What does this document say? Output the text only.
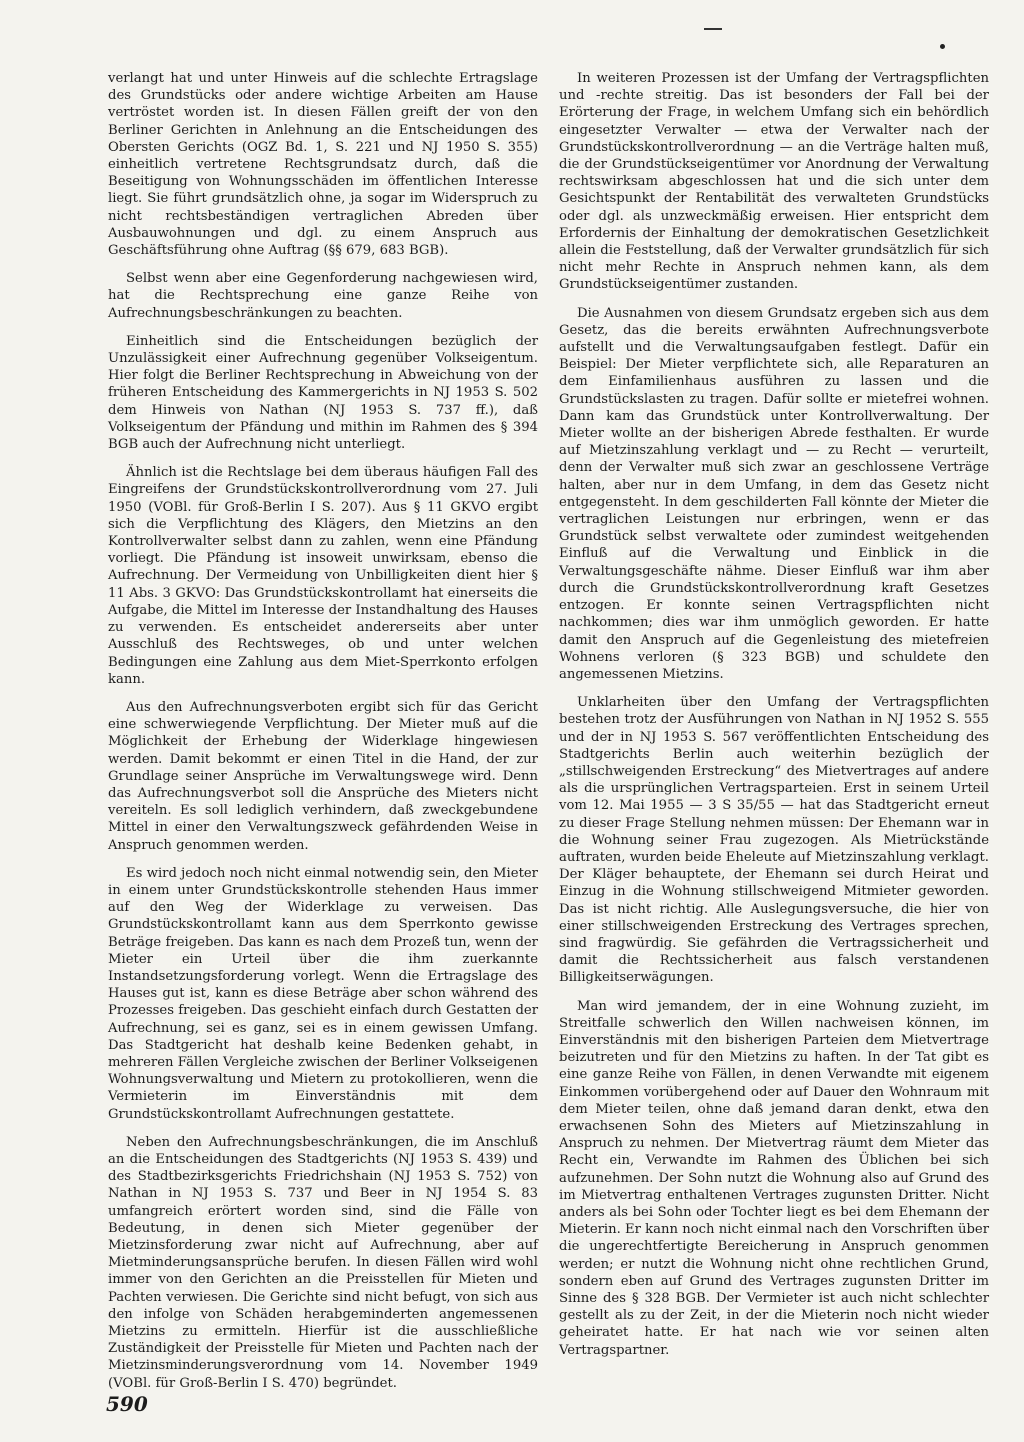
verlangt hat und unter Hinweis auf die schlechte Ertragslage des Grundstücks oder andere wichtige Arbeiten am Hause vertröstet worden ist. In diesen Fällen greift der von den Berliner Gerichten in Anlehnung an die Entscheidungen des Obersten Gerichts (OGZ Bd. 1, S. 221 und NJ 1950 S. 355) einheitlich vertretene Rechtsgrundsatz durch, daß die Beseitigung von Wohnungsschäden im öffentlichen Interesse liegt. Sie führt grundsätzlich ohne, ja sogar im Widerspruch zu nicht rechtsbeständigen vertraglichen Abreden über Ausbauwohnungen und dgl. zu einem Anspruch aus Geschäftsführung ohne Auftrag (§§ 679, 683 BGB).

Selbst wenn aber eine Gegenforderung nachgewiesen wird, hat die Rechtsprechung eine ganze Reihe von Aufrechnungsbeschränkungen zu beachten.

Einheitlich sind die Entscheidungen bezüglich der Unzulässigkeit einer Aufrechnung gegenüber Volkseigentum. Hier folgt die Berliner Rechtsprechung in Abweichung von der früheren Entscheidung des Kammergerichts in NJ 1953 S. 502 dem Hinweis von Nathan (NJ 1953 S. 737 ff.), daß Volkseigentum der Pfändung und mithin im Rahmen des § 394 BGB auch der Aufrechnung nicht unterliegt.

Ähnlich ist die Rechtslage bei dem überaus häufigen Fall des Eingreifens der Grundstückskontrollverordnung vom 27. Juli 1950 (VOBl. für Groß-Berlin I S. 207). Aus § 11 GKVO ergibt sich die Verpflichtung des Klägers, den Mietzins an den Kontrollverwalter selbst dann zu zahlen, wenn eine Pfändung vorliegt. Die Pfändung ist insoweit unwirksam, ebenso die Aufrechnung. Der Vermeidung von Unbilligkeiten dient hier § 11 Abs. 3 GKVO: Das Grundstückskontrollamt hat einerseits die Aufgabe, die Mittel im Interesse der Instandhaltung des Hauses zu verwenden. Es entscheidet andererseits aber unter Ausschluß des Rechtsweges, ob und unter welchen Bedingungen eine Zahlung aus dem Miet-Sperrkonto erfolgen kann.

Aus den Aufrechnungsverboten ergibt sich für das Gericht eine schwerwiegende Verpflichtung. Der Mieter muß auf die Möglichkeit der Erhebung der Widerklage hingewiesen werden. Damit bekommt er einen Titel in die Hand, der zur Grundlage seiner Ansprüche im Verwaltungswege wird. Denn das Aufrechnungsverbot soll die Ansprüche des Mieters nicht vereiteln. Es soll lediglich verhindern, daß zweckgebundene Mittel in einer den Verwaltungszweck gefährdenden Weise in Anspruch genommen werden.

Es wird jedoch noch nicht einmal notwendig sein, den Mieter in einem unter Grundstückskontrolle stehenden Haus immer auf den Weg der Widerklage zu verweisen. Das Grundstückskontrollamt kann aus dem Sperrkonto gewisse Beträge freigeben. Das kann es nach dem Prozeß tun, wenn der Mieter ein Urteil über die ihm zuerkannte Instandsetzungsforderung vorlegt. Wenn die Ertragslage des Hauses gut ist, kann es diese Beträge aber schon während des Prozesses freigeben. Das geschieht einfach durch Gestatten der Aufrechnung, sei es ganz, sei es in einem gewissen Umfang. Das Stadtgericht hat deshalb keine Bedenken gehabt, in mehreren Fällen Vergleiche zwischen der Berliner Volkseigenen Wohnungsverwaltung und Mietern zu protokollieren, wenn die Vermieterin im Einverständnis mit dem Grundstückskontrollamt Aufrechnungen gestattete.

Neben den Aufrechnungsbeschränkungen, die im Anschluß an die Entscheidungen des Stadtgerichts (NJ 1953 S. 439) und des Stadtbezirksgerichts Friedrichshain (NJ 1953 S. 752) von Nathan in NJ 1953 S. 737 und Beer in NJ 1954 S. 83 umfangreich erörtert worden sind, sind die Fälle von Bedeutung, in denen sich Mieter gegenüber der Mietzinsforderung zwar nicht auf Aufrechnung, aber auf Mietminderungsansprüche berufen. In diesen Fällen wird wohl immer von den Gerichten an die Preisstellen für Mieten und Pachten verwiesen. Die Gerichte sind nicht befugt, von sich aus den infolge von Schäden herabgeminderten angemessenen Mietzins zu ermitteln. Hierfür ist die ausschließliche Zuständigkeit der Preisstelle für Mieten und Pachten nach der Mietzinsminderungsverordnung vom 14. November 1949 (VOBl. für Groß-Berlin I S. 470) begründet.

In weiteren Prozessen ist der Umfang der Vertragspflichten und -rechte streitig. Das ist besonders der Fall bei der Erörterung der Frage, in welchem Umfang sich ein behördlich eingesetzter Verwalter — etwa der Verwalter nach der Grundstückskontrollverordnung — an die Verträge halten muß, die der Grundstückseigentümer vor Anordnung der Verwaltung rechtswirksam abgeschlossen hat und die sich unter dem Gesichtspunkt der Rentabilität des verwalteten Grundstücks oder dgl. als unzweckmäßig erweisen. Hier entspricht dem Erfordernis der Einhaltung der demokratischen Gesetzlichkeit allein die Feststellung, daß der Verwalter grundsätzlich für sich nicht mehr Rechte in Anspruch nehmen kann, als dem Grundstückseigentümer zustanden.

Die Ausnahmen von diesem Grundsatz ergeben sich aus dem Gesetz, das die bereits erwähnten Aufrechnungsverbote aufstellt und die Verwaltungsaufgaben festlegt. Dafür ein Beispiel: Der Mieter verpflichtete sich, alle Reparaturen an dem Einfamilienhaus ausführen zu lassen und die Grundstückslasten zu tragen. Dafür sollte er mietefrei wohnen. Dann kam das Grundstück unter Kontrollverwaltung. Der Mieter wollte an der bisherigen Abrede festhalten. Er wurde auf Mietzinszahlung verklagt und — zu Recht — verurteilt, denn der Verwalter muß sich zwar an geschlossene Verträge halten, aber nur in dem Umfang, in dem das Gesetz nicht entgegensteht. In dem geschilderten Fall könnte der Mieter die vertraglichen Leistungen nur erbringen, wenn er das Grundstück selbst verwaltete oder zumindest weitgehenden Einfluß auf die Verwaltung und Einblick in die Verwaltungsgeschäfte nähme. Dieser Einfluß war ihm aber durch die Grundstückskontrollverordnung kraft Gesetzes entzogen. Er konnte seinen Vertragspflichten nicht nachkommen; dies war ihm unmöglich geworden. Er hatte damit den Anspruch auf die Gegenleistung des mietefreien Wohnens verloren (§ 323 BGB) und schuldete den angemessenen Mietzins.

Unklarheiten über den Umfang der Vertragspflichten bestehen trotz der Ausführungen von Nathan in NJ 1952 S. 555 und der in NJ 1953 S. 567 veröffentlichten Entscheidung des Stadtgerichts Berlin auch weiterhin bezüglich der „stillschweigenden Erstreckung“ des Mietvertrages auf andere als die ursprünglichen Vertragsparteien. Erst in seinem Urteil vom 12. Mai 1955 — 3 S 35/55 — hat das Stadtgericht erneut zu dieser Frage Stellung nehmen müssen: Der Ehemann war in die Wohnung seiner Frau zugezogen. Als Mietrückstände auftraten, wurden beide Eheleute auf Mietzinszahlung verklagt. Der Kläger behauptete, der Ehemann sei durch Heirat und Einzug in die Wohnung stillschweigend Mitmieter geworden. Das ist nicht richtig. Alle Auslegungsversuche, die hier von einer stillschweigenden Erstreckung des Vertrages sprechen, sind fragwürdig. Sie gefährden die Vertragssicherheit und damit die Rechtssicherheit aus falsch verstandenen Billigkeitserwägungen.

Man wird jemandem, der in eine Wohnung zuzieht, im Streitfalle schwerlich den Willen nachweisen können, im Einverständnis mit den bisherigen Parteien dem Mietvertrage beizutreten und für den Mietzins zu haften. In der Tat gibt es eine ganze Reihe von Fällen, in denen Verwandte mit eigenem Einkommen vorübergehend oder auf Dauer den Wohnraum mit dem Mieter teilen, ohne daß jemand daran denkt, etwa den erwachsenen Sohn des Mieters auf Mietzinszahlung in Anspruch zu nehmen. Der Mietvertrag räumt dem Mieter das Recht ein, Verwandte im Rahmen des Üblichen bei sich aufzunehmen. Der Sohn nutzt die Wohnung also auf Grund des im Mietvertrag enthaltenen Vertrages zugunsten Dritter. Nicht anders als bei Sohn oder Tochter liegt es bei dem Ehemann der Mieterin. Er kann noch nicht einmal nach den Vorschriften über die ungerechtfertigte Bereicherung in Anspruch genommen werden; er nutzt die Wohnung nicht ohne rechtlichen Grund, sondern eben auf Grund des Vertrages zugunsten Dritter im Sinne des § 328 BGB. Der Vermieter ist auch nicht schlechter gestellt als zu der Zeit, in der die Mieterin noch nicht wieder geheiratet hatte. Er hat nach wie vor seinen alten Vertragspartner.

590
